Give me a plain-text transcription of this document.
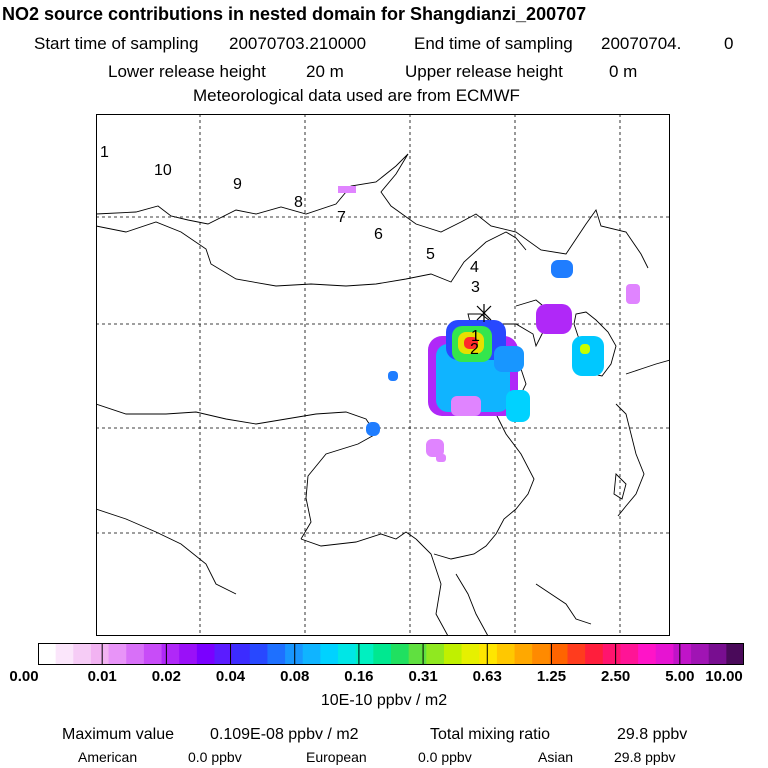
NO2 source contributions in nested domain for Shangdianzi_200707
Start time of sampling 20070703.210000	End time of sampling 20070704.	0
Lower release height 20 m	Upper release height	0 m
Meteorological data used are from ECMWF
1
10
9
8
7
6
5
4
3
1
2
0.00	0.01 0.02 0.04 0.08 0.16 0.31 0.63 1.25 2.50 5.00 10.00
10E-10 ppbv / m2
Maximum value 0.109E-08 ppbv / m2	Total mixing ratio	29.8 ppbv
American	0.0 ppbv	European	0.0 ppbv	Asian	29.8 ppbv
